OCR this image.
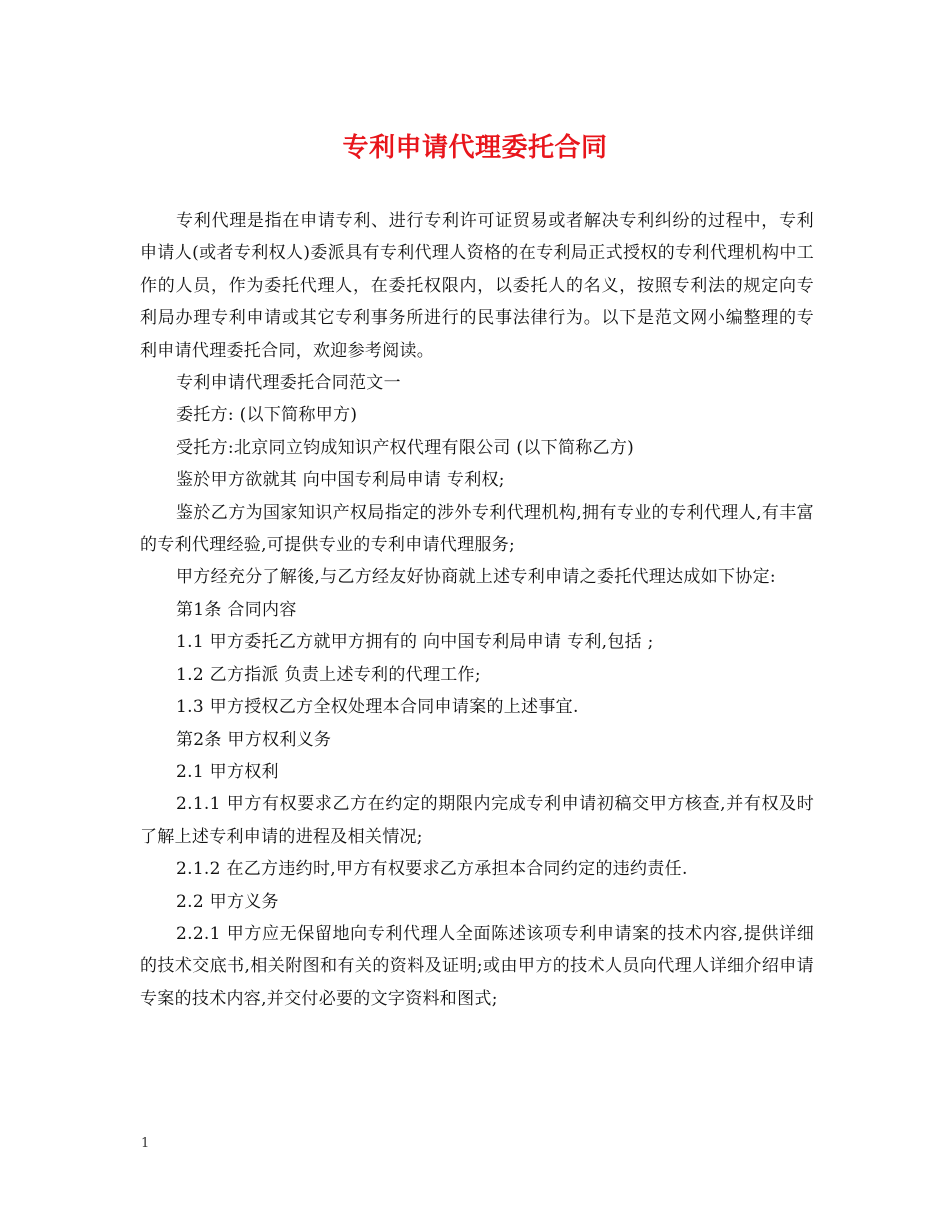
专利申请代理委托合同

专利代理是指在申请专利、进行专利许可证贸易或者解决专利纠纷的过程中，专利申请人(或者专利权人)委派具有专利代理人资格的在专利局正式授权的专利代理机构中工作的人员，作为委托代理人，在委托权限内，以委托人的名义，按照专利法的规定向专利局办理专利申请或其它专利事务所进行的民事法律行为。以下是范文网小编整理的专利申请代理委托合同，欢迎参考阅读。

专利申请代理委托合同范文一

委托方: (以下简称甲方)

受托方:北京同立钧成知识产权代理有限公司 (以下简称乙方)

鉴於甲方欲就其 向中国专利局申请 专利权;

鉴於乙方为国家知识产权局指定的涉外专利代理机构,拥有专业的专利代理人,有丰富的专利代理经验,可提供专业的专利申请代理服务;

甲方经充分了解後,与乙方经友好协商就上述专利申请之委托代理达成如下协定:

第1条 合同内容

1.1 甲方委托乙方就甲方拥有的 向中国专利局申请 专利,包括 ;

1.2 乙方指派 负责上述专利的代理工作;

1.3 甲方授权乙方全权处理本合同申请案的上述事宜.

第2条 甲方权利义务

2.1 甲方权利

2.1.1 甲方有权要求乙方在约定的期限内完成专利申请初稿交甲方核查,并有权及时了解上述专利申请的进程及相关情况;

2.1.2 在乙方违约时,甲方有权要求乙方承担本合同约定的违约责任.

2.2 甲方义务

2.2.1 甲方应无保留地向专利代理人全面陈述该项专利申请案的技术内容,提供详细的技术交底书,相关附图和有关的资料及证明;或由甲方的技术人员向代理人详细介绍申请专案的技术内容,并交付必要的文字资料和图式;

1
